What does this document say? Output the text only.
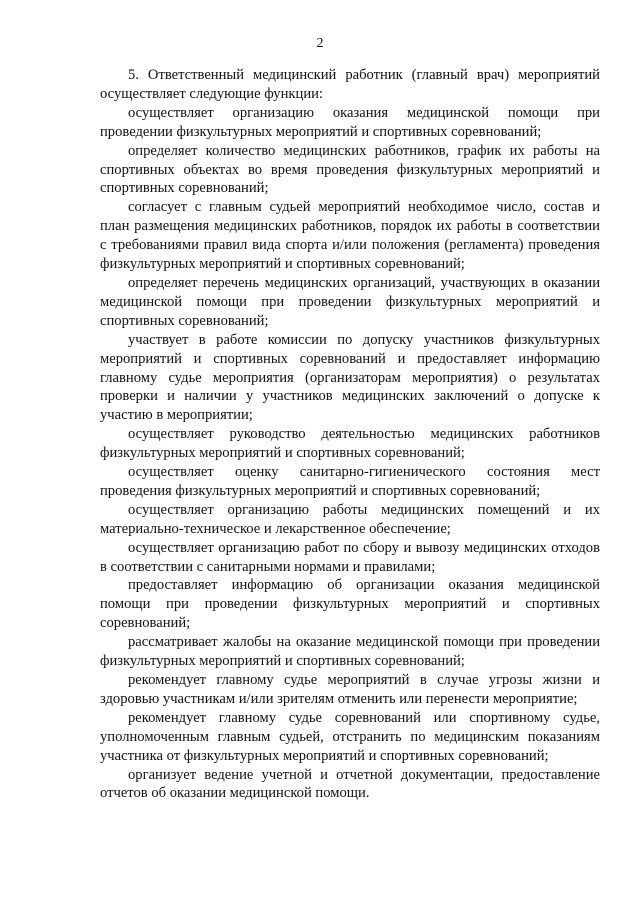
2

5. Ответственный медицинский работник (главный врач) мероприятий осуществляет следующие функции:

осуществляет организацию оказания медицинской помощи при проведении физкультурных мероприятий и спортивных соревнований;

определяет количество медицинских работников, график их работы на спортивных объектах во время проведения физкультурных мероприятий и спортивных соревнований;

согласует с главным судьей мероприятий необходимое число, состав и план размещения медицинских работников, порядок их работы в соответствии с требованиями правил вида спорта и/или положения (регламента) проведения физкультурных мероприятий и спортивных соревнований;

определяет перечень медицинских организаций, участвующих в оказании медицинской помощи при проведении физкультурных мероприятий и спортивных соревнований;

участвует в работе комиссии по допуску участников физкультурных мероприятий и спортивных соревнований и предоставляет информацию главному судье мероприятия (организаторам мероприятия) о результатах проверки и наличии у участников медицинских заключений о допуске к участию в мероприятии;

осуществляет руководство деятельностью медицинских работников физкультурных мероприятий и спортивных соревнований;

осуществляет оценку санитарно-гигиенического состояния мест проведения физкультурных мероприятий и спортивных соревнований;

осуществляет организацию работы медицинских помещений и их материально-техническое и лекарственное обеспечение;

осуществляет организацию работ по сбору и вывозу медицинских отходов в соответствии с санитарными нормами и правилами;

предоставляет информацию об организации оказания медицинской помощи при проведении физкультурных мероприятий и спортивных соревнований;

рассматривает жалобы на оказание медицинской помощи при проведении физкультурных мероприятий и спортивных соревнований;

рекомендует главному судье мероприятий в случае угрозы жизни и здоровью участникам и/или зрителям отменить или перенести мероприятие;

рекомендует главному судье соревнований или спортивному судье, уполномоченным главным судьей, отстранить по медицинским показаниям участника от физкультурных мероприятий и спортивных соревнований;

организует ведение учетной и отчетной документации, предоставление отчетов об оказании медицинской помощи.
